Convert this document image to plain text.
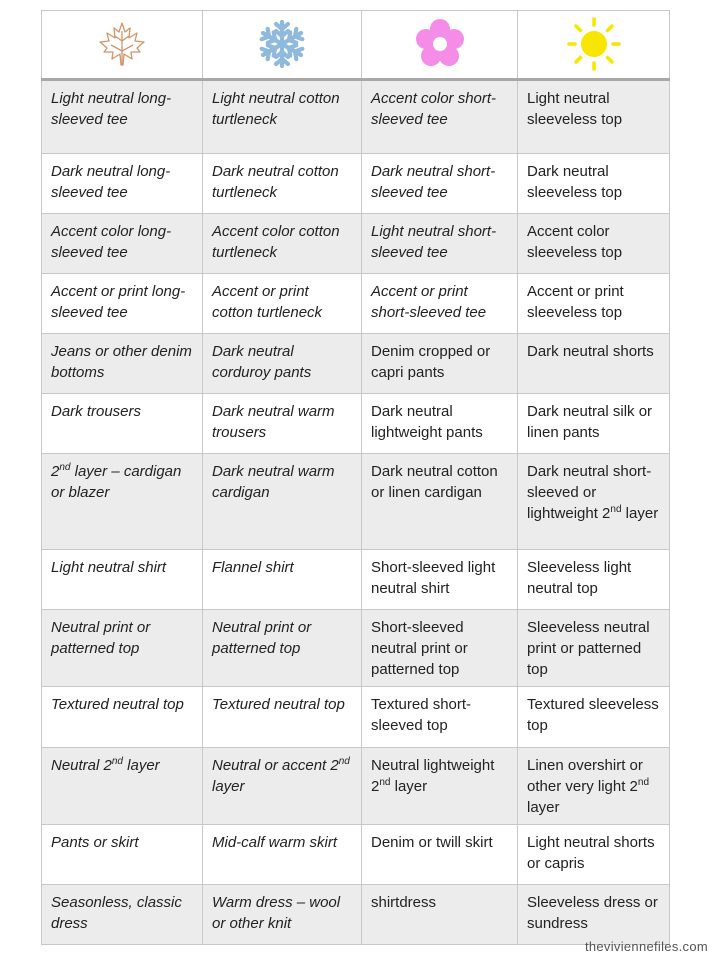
Light neutral long-sleeved tee	Light neutral cotton turtleneck	Accent color short-sleeved tee	Light neutral sleeveless top
Dark neutral long-sleeved tee	Dark neutral cotton turtleneck	Dark neutral short-sleeved tee	Dark neutral sleeveless top
Accent color long-sleeved tee	Accent color cotton turtleneck	Light neutral short-sleeved tee	Accent color sleeveless top
Accent or print long-sleeved tee	Accent or print cotton turtleneck	Accent or print short-sleeved tee	Accent or print sleeveless top
Jeans or other denim bottoms	Dark neutral corduroy pants	Denim cropped or capri pants	Dark neutral shorts
Dark trousers	Dark neutral warm trousers	Dark neutral lightweight pants	Dark neutral silk or linen pants
2nd layer – cardigan or blazer	Dark neutral warm cardigan	Dark neutral cotton or linen cardigan	Dark neutral short-sleeved or lightweight 2nd layer
Light neutral shirt	Flannel shirt	Short-sleeved light neutral shirt	Sleeveless light neutral top
Neutral print or patterned top	Neutral print or patterned top	Short-sleeved neutral print or patterned top	Sleeveless neutral print or patterned top
Textured neutral top	Textured neutral top	Textured short-sleeved top	Textured sleeveless top
Neutral 2nd layer	Neutral or accent 2nd layer	Neutral lightweight 2nd layer	Linen overshirt or other very light 2nd layer
Pants or skirt	Mid-calf warm skirt	Denim or twill skirt	Light neutral shorts or capris
Seasonless, classic dress	Warm dress – wool or other knit	shirtdress	Sleeveless dress or sundress
theviviennefiles.com
